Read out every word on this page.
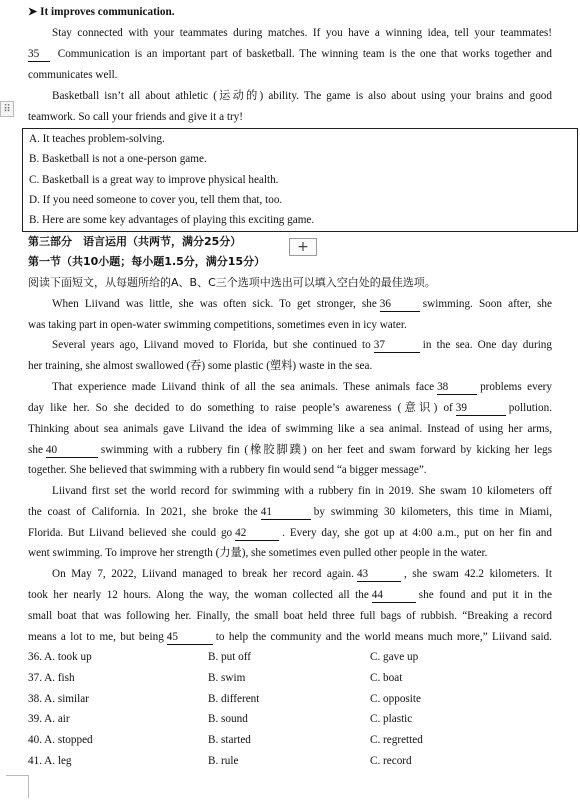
➤ It improves communication.
Stay connected with your teammates during matches. If you have a winning idea, tell your teammates!
35 Communication is an important part of basketball. The winning team is the one that works together and
communicates well.
Basketball isn’t all about athletic (运动的) ability. The game is also about using your brains and good
teamwork. So call your friends and give it a try!
⠿
A. It teaches problem-solving.
B. Basketball is not a one-person game.
C. Basketball is a great way to improve physical health.
D. If you need someone to cover you, tell them that, too.
B. Here are some key advantages of playing this exciting game.
第三部分　语言运用（共两节，满分25分）	+
第一节（共10小题；每小题1.5分，满分15分）
阅读下面短文，从每题所给的A、B、C三个选项中选出可以填入空白处的最佳选项。
When Liivand was little, she was often sick. To get stronger, she 36	swimming. Soon after, she
was taking part in open-water swimming competitions, sometimes even in icy water.
Several years ago, Liivand moved to Florida, but she continued to 37	in the sea. One day during
her training, she almost swallowed (吞) some plastic (塑料) waste in the sea.
That experience made Liivand think of all the sea animals. These animals face 38	problems every
day like her. So she decided to do something to raise people’s awareness (意识) of 39	pollution.
Thinking about sea animals gave Liivand the idea of swimming like a sea animal. Instead of using her arms,
she 40	swimming with a rubbery fin (橡胶脚蹼) on her feet and swam forward by kicking her legs
together. She believed that swimming with a rubbery fin would send “a bigger message”.
Liivand first set the world record for swimming with a rubbery fin in 2019. She swam 10 kilometers off
the coast of California. In 2021, she broke the 41	by swimming 30 kilometers, this time in Miami,
Florida. But Liivand believed she could go 42	. Every day, she got up at 4:00 a.m., put on her fin and
went swimming. To improve her strength (力量), she sometimes even pulled other people in the water.
On May 7, 2022, Liivand managed to break her record again. 43	, she swam 42.2 kilometers. It
took her nearly 12 hours. Along the way, the woman collected all the 44	she found and put it in the
small boat that was following her. Finally, the small boat held three full bags of rubbish. “Breaking a record
means a lot to me, but being 45	to help the community and the world means much more,” Liivand said.
36. A. took up	B. put off	C. gave up
37. A. fish	B. swim	C. boat
38. A. similar	B. different	C. opposite
39. A. air	B. sound	C. plastic
40. A. stopped	B. started	C. regretted
41. A. leg	B. rule	C. record
